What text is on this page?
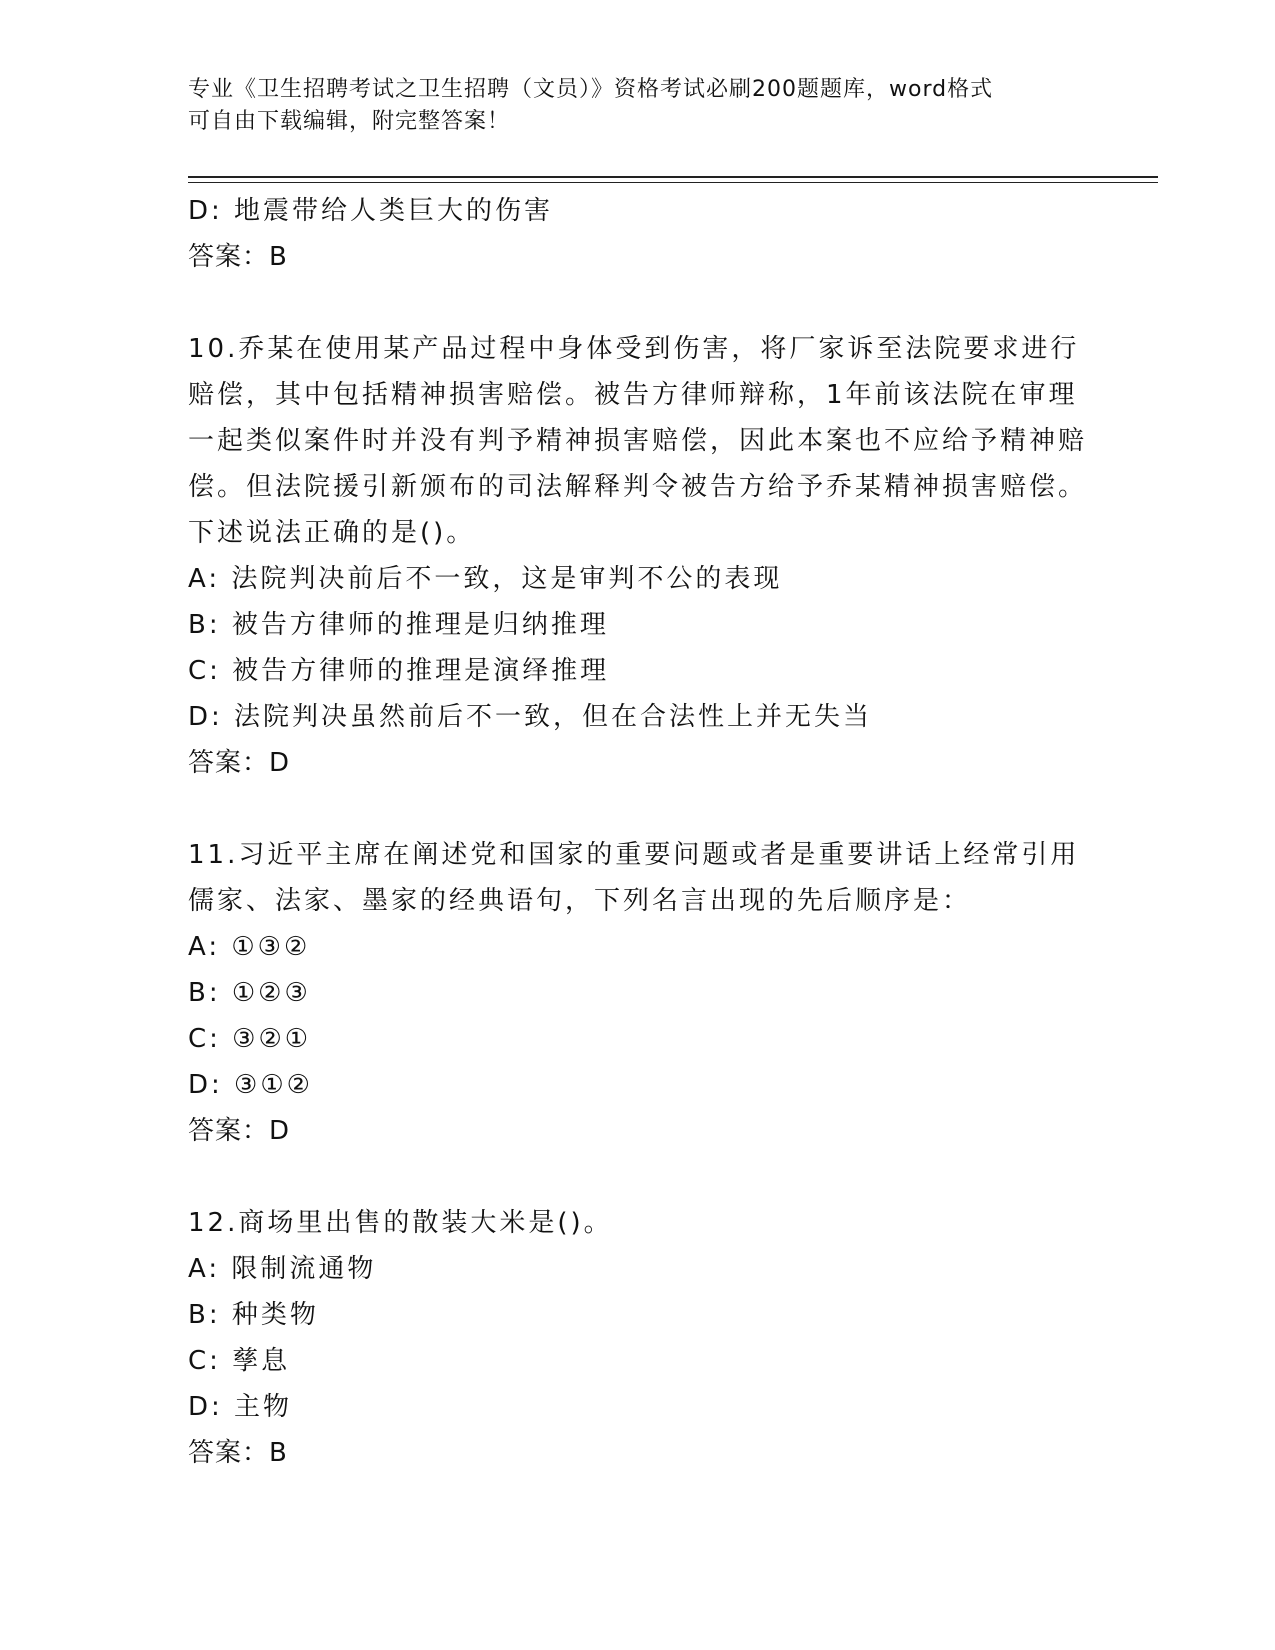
专业《卫生招聘考试之卫生招聘（文员）》资格考试必刷200题题库，word格式
可自由下载编辑，附完整答案！
D: 地震带给人类巨大的伤害
答案：B
10.乔某在使用某产品过程中身体受到伤害，将厂家诉至法院要求进行赔偿，其中包括精神损害赔偿。被告方律师辩称，1年前该法院在审理一起类似案件时并没有判予精神损害赔偿，因此本案也不应给予精神赔偿。但法院援引新颁布的司法解释判令被告方给予乔某精神损害赔偿。下述说法正确的是()。
A: 法院判决前后不一致，这是审判不公的表现
B: 被告方律师的推理是归纳推理
C: 被告方律师的推理是演绎推理
D: 法院判决虽然前后不一致，但在合法性上并无失当
答案：D
11.习近平主席在阐述党和国家的重要问题或者是重要讲话上经常引用儒家、法家、墨家的经典语句，下列名言出现的先后顺序是：
A: ①③②
B: ①②③
C: ③②①
D: ③①②
答案：D
12.商场里出售的散装大米是()。
A: 限制流通物
B: 种类物
C: 孳息
D: 主物
答案：B
